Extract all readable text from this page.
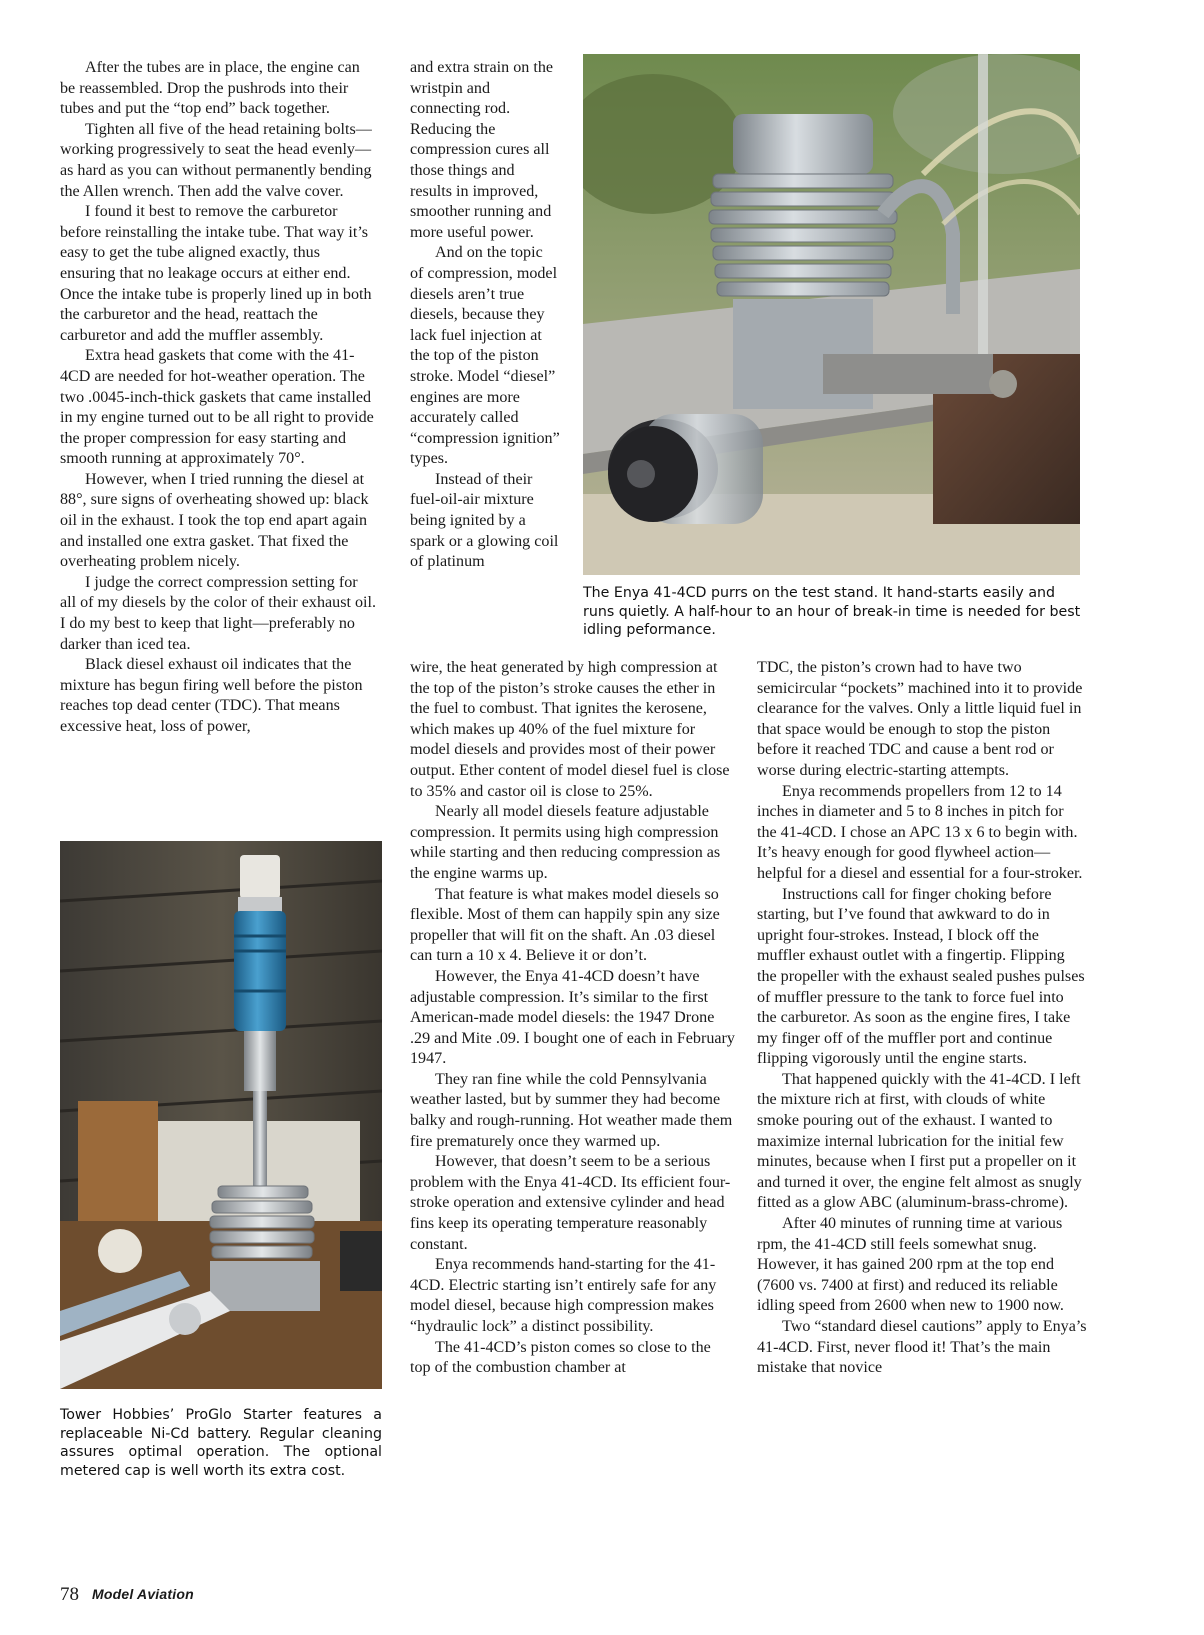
After the tubes are in place, the engine can be reassembled. Drop the pushrods into their tubes and put the “top end” back together.

Tighten all five of the head retaining bolts—working progressively to seat the head evenly—as hard as you can without permanently bending the Allen wrench. Then add the valve cover.

I found it best to remove the carburetor before reinstalling the intake tube. That way it’s easy to get the tube aligned exactly, thus ensuring that no leakage occurs at either end. Once the intake tube is properly lined up in both the carburetor and the head, reattach the carburetor and add the muffler assembly.

Extra head gaskets that come with the 41-4CD are needed for hot-weather operation. The two .0045-inch-thick gaskets that came installed in my engine turned out to be all right to provide the proper compression for easy starting and smooth running at approximately 70°.

However, when I tried running the diesel at 88°, sure signs of overheating showed up: black oil in the exhaust. I took the top end apart again and installed one extra gasket. That fixed the overheating problem nicely.

I judge the correct compression setting for all of my diesels by the color of their exhaust oil. I do my best to keep that light—preferably no darker than iced tea.

Black diesel exhaust oil indicates that the mixture has begun firing well before the piston reaches top dead center (TDC). That means excessive heat, loss of power,

and extra strain on the wristpin and connecting rod. Reducing the compression cures all those things and results in improved, smoother running and more useful power.

And on the topic of compression, model diesels aren’t true diesels, because they lack fuel injection at the top of the piston stroke. Model “diesel” engines are more accurately called “compression ignition” types.

Instead of their fuel-oil-air mixture being ignited by a spark or a glowing coil of platinum

wire, the heat generated by high compression at the top of the piston’s stroke causes the ether in the fuel to combust. That ignites the kerosene, which makes up 40% of the fuel mixture for model diesels and provides most of their power output. Ether content of model diesel fuel is close to 35% and castor oil is close to 25%.

Nearly all model diesels feature adjustable compression. It permits using high compression while starting and then reducing compression as the engine warms up.

That feature is what makes model diesels so flexible. Most of them can happily spin any size propeller that will fit on the shaft. An .03 diesel can turn a 10 x 4. Believe it or don’t.

However, the Enya 41-4CD doesn’t have adjustable compression. It’s similar to the first American-made model diesels: the 1947 Drone .29 and Mite .09. I bought one of each in February 1947.

They ran fine while the cold Pennsylvania weather lasted, but by summer they had become balky and rough-running. Hot weather made them fire prematurely once they warmed up.

However, that doesn’t seem to be a serious problem with the Enya 41-4CD. Its efficient four-stroke operation and extensive cylinder and head fins keep its operating temperature reasonably constant.

Enya recommends hand-starting for the 41-4CD. Electric starting isn’t entirely safe for any model diesel, because high compression makes “hydraulic lock” a distinct possibility.

The 41-4CD’s piston comes so close to the top of the combustion chamber at

TDC, the piston’s crown had to have two semicircular “pockets” machined into it to provide clearance for the valves. Only a little liquid fuel in that space would be enough to stop the piston before it reached TDC and cause a bent rod or worse during electric-starting attempts.

Enya recommends propellers from 12 to 14 inches in diameter and 5 to 8 inches in pitch for the 41-4CD. I chose an APC 13 x 6 to begin with. It’s heavy enough for good flywheel action—helpful for a diesel and essential for a four-stroker.

Instructions call for finger choking before starting, but I’ve found that awkward to do in upright four-strokes. Instead, I block off the muffler exhaust outlet with a fingertip. Flipping the propeller with the exhaust sealed pushes pulses of muffler pressure to the tank to force fuel into the carburetor. As soon as the engine fires, I take my finger off of the muffler port and continue flipping vigorously until the engine starts.

That happened quickly with the 41-4CD. I left the mixture rich at first, with clouds of white smoke pouring out of the exhaust. I wanted to maximize internal lubrication for the initial few minutes, because when I first put a propeller on it and turned it over, the engine felt almost as snugly fitted as a glow ABC (aluminum-brass-chrome).

After 40 minutes of running time at various rpm, the 41-4CD still feels somewhat snug. However, it has gained 200 rpm at the top end (7600 vs. 7400 at first) and reduced its reliable idling speed from 2600 when new to 1900 now.

Two “standard diesel cautions” apply to Enya’s 41-4CD. First, never flood it! That’s the main mistake that novice

The Enya 41-4CD purrs on the test stand. It hand-starts easily and runs quietly. A half-hour to an hour of break-in time is needed for best idling peformance.
Tower Hobbies’ ProGlo Starter features a replaceable Ni-Cd battery. Regular cleaning assures optimal operation. The optional metered cap is well worth its extra cost.
78 Model Aviation
